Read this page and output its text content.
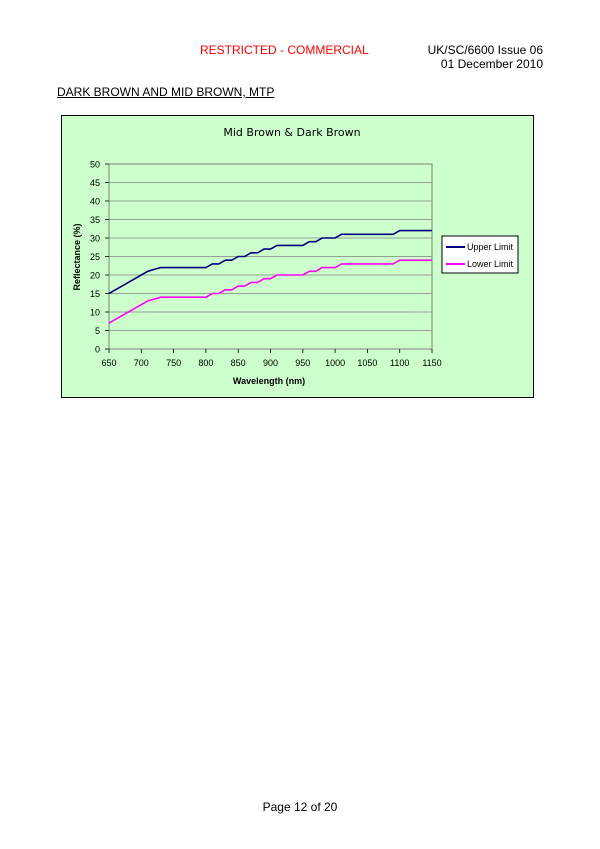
RESTRICTED - COMMERCIAL	UK/SC/6600 Issue 06
01 December 2010
DARK BROWN AND MID BROWN, MTP
Mid Brown & Dark Brown
0
5
10
15
20
25
30
35
40
45
50
650 700 750 800 850 900 950 1000 1050 1100 1150
Wavelength (nm)
Reflectance (%)	Upper Limit
Lower Limit
Page 12 of 20
